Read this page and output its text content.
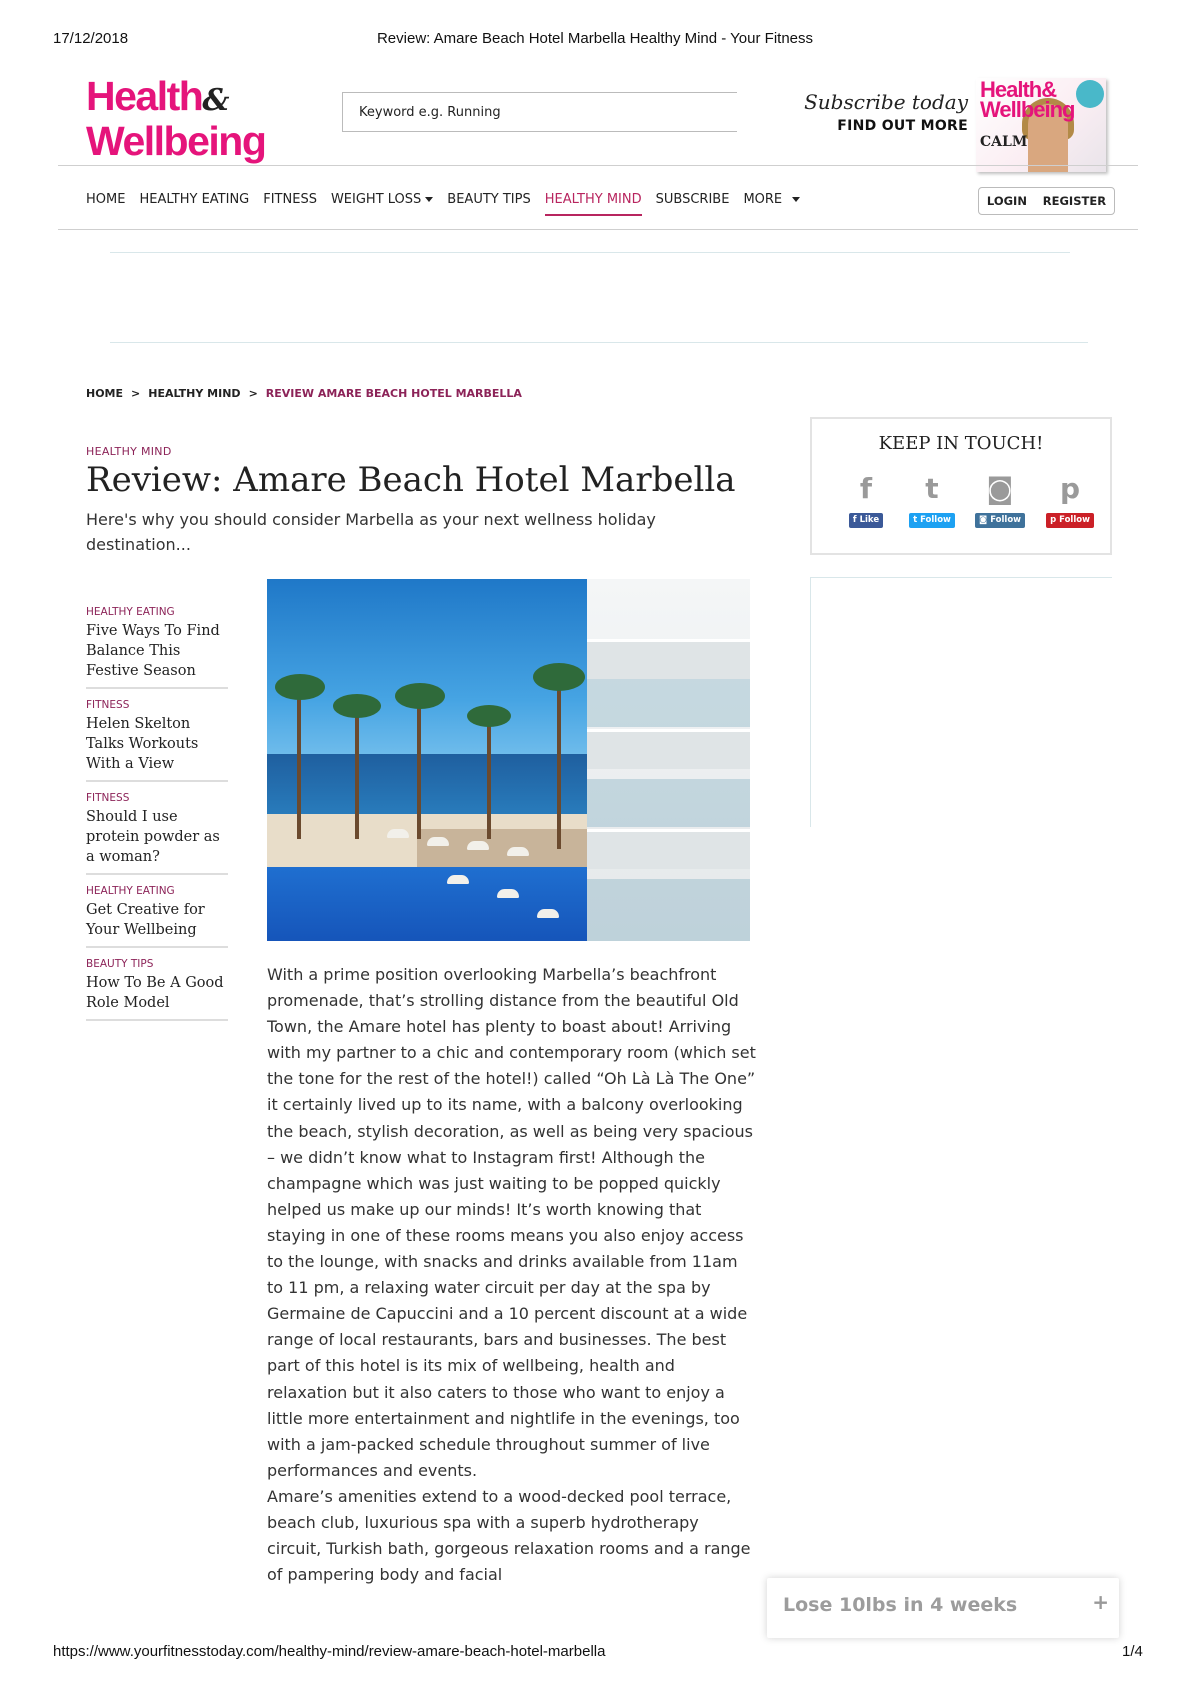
17/12/2018	Review: Amare Beach Hotel Marbella Healthy Mind - Your Fitness
Health&
Wellbeing
Keyword e.g. Running
Subscribe today
FIND OUT MORE
Health&
Wellbeing
CALM
HOME HEALTHY EATING FITNESS WEIGHT LOSS	BEAUTY TIPS HEALTHY MIND SUBSCRIBE MORE	LOGIN REGISTER
HOME > HEALTHY MIND > REVIEW AMARE BEACH HOTEL MARBELLA
HEALTHY MIND
Review: Amare Beach Hotel Marbella

Here's why you should consider Marbella as your next wellness holiday destination...

HEALTHY EATING
Five Ways To Find Balance This Festive Season
FITNESS
Helen Skelton Talks Workouts With a View
FITNESS
Should I use protein powder as a woman?
HEALTHY EATING
Get Creative for Your Wellbeing
BEAUTY TIPS
How To Be A Good Role Model

With a prime position overlooking Marbella’s beachfront promenade, that’s strolling distance from the beautiful Old Town, the Amare hotel has plenty to boast about! Arriving with my partner to a chic and contemporary room (which set the tone for the rest of the hotel!) called “Oh Là Là The One” it certainly lived up to its name, with a balcony overlooking the beach, stylish decoration, as well as being very spacious – we didn’t know what to Instagram first! Although the champagne which was just waiting to be popped quickly helped us make up our minds! It’s worth knowing that staying in one of these rooms means you also enjoy access to the lounge, with snacks and drinks available from 11am to 11 pm, a relaxing water circuit per day at the spa by Germaine de Capuccini and a 10 percent discount at a wide range of local restaurants, bars and businesses. The best part of this hotel is its mix of wellbeing, health and relaxation but it also caters to those who want to enjoy a little more entertainment and nightlife in the evenings, too with a jam-packed schedule throughout summer of live performances and events.

Amare’s amenities extend to a wood-decked pool terrace, beach club, luxurious spa with a superb hydrotherapy circuit, Turkish bath, gorgeous relaxation rooms and a range of pampering body and facial

KEEP IN TOUCH!
f
f Like
t
t Follow
◙
◙ Follow
p
p Follow
Lose 10lbs in 4 weeks	+
https://www.yourfitnesstoday.com/healthy-mind/review-amare-beach-hotel-marbella	1/4
